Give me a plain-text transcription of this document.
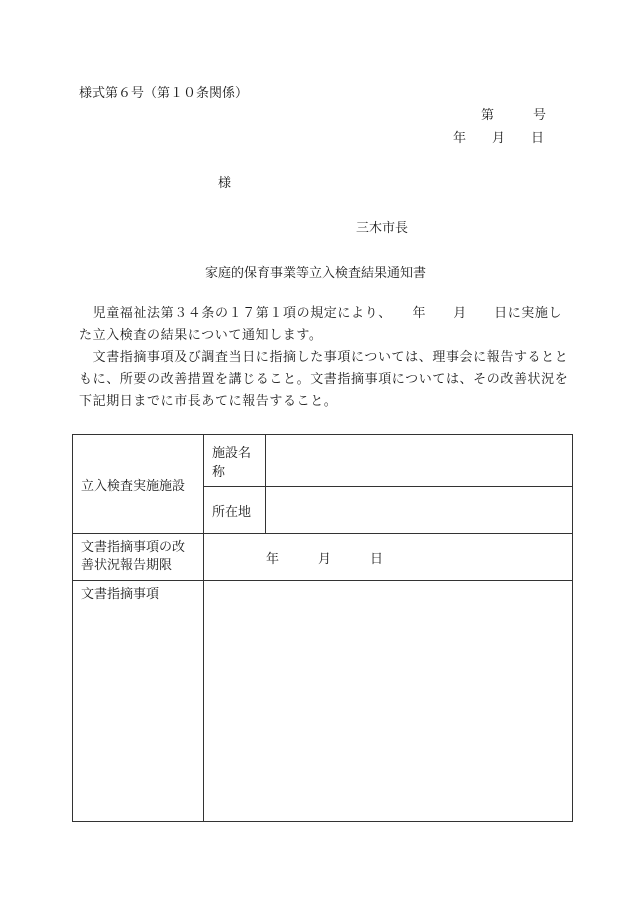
様式第６号（第１０条関係）
第　　　号
年　　月　　日
様
三木市長
家庭的保育事業等立入検査結果通知書
　児童福祉法第３４条の１７第１項の規定により、　　年　　月　　日に実施した立入検査の結果について通知します。
　文書指摘事項及び調査当日に指摘した事項については、理事会に報告するとともに、所要の改善措置を講じること。文書指摘事項については、その改善状況を下記期日までに市長あてに報告すること。
立入検査実施施設	施設名称	
	所在地	
文書指摘事項の改善状況報告期限	年　　　月　　　日	
文書指摘事項		
